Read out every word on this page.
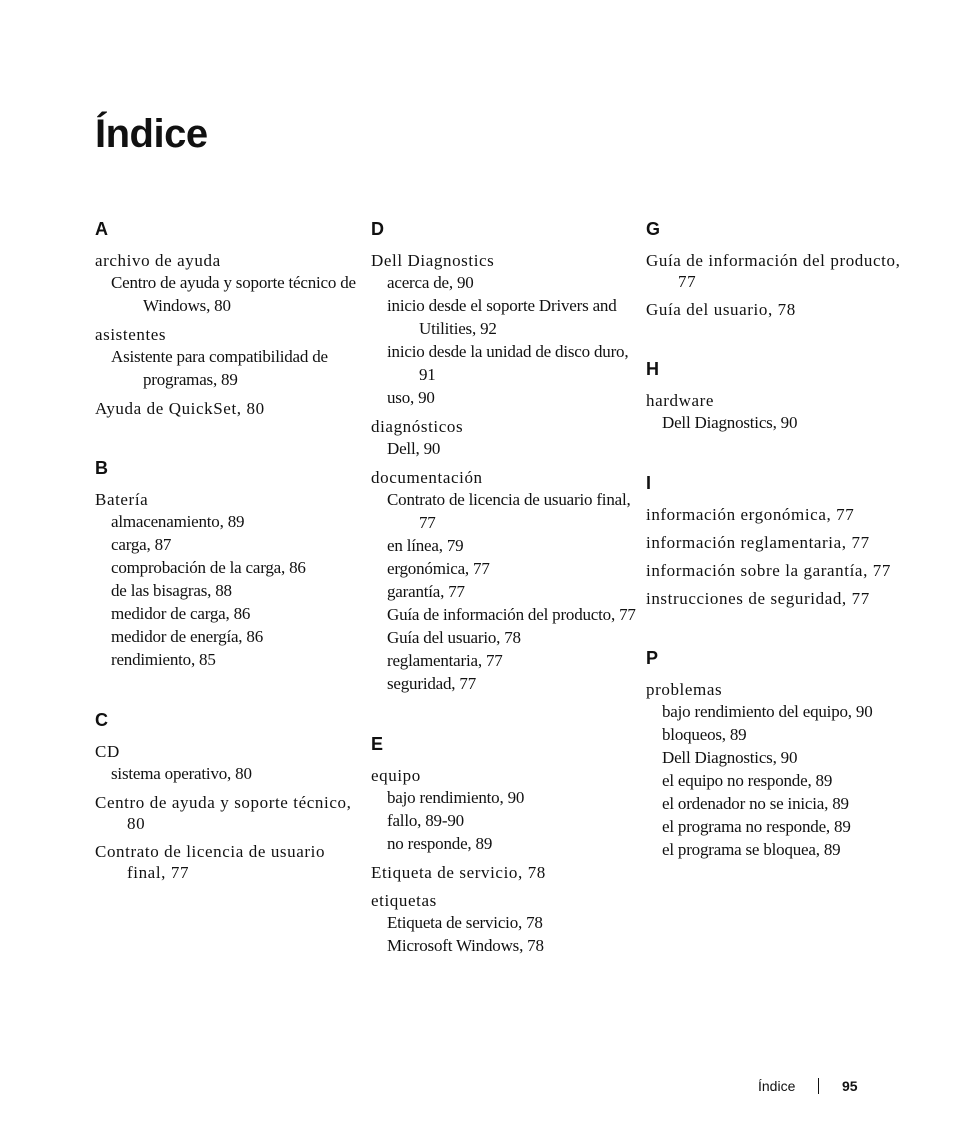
Índice
A
archivo de ayuda
Centro de ayuda y soporte técnico de Windows, 80
asistentes
Asistente para compatibilidad de programas, 89
Ayuda de QuickSet, 80
B
Batería
almacenamiento, 89
carga, 87
comprobación de la carga, 86
de las bisagras, 88
medidor de carga, 86
medidor de energía, 86
rendimiento, 85
C
CD
sistema operativo, 80
Centro de ayuda y soporte técnico, 80
Contrato de licencia de usuario final, 77
D
Dell Diagnostics
acerca de, 90
inicio desde el soporte Drivers and Utilities, 92
inicio desde la unidad de disco duro, 91
uso, 90
diagnósticos
Dell, 90
documentación
Contrato de licencia de usuario final, 77
en línea, 79
ergonómica, 77
garantía, 77
Guía de información del producto, 77
Guía del usuario, 78
reglamentaria, 77
seguridad, 77
E
equipo
bajo rendimiento, 90
fallo, 89-90
no responde, 89
Etiqueta de servicio, 78
etiquetas
Etiqueta de servicio, 78
Microsoft Windows, 78
G
Guía de información del producto, 77
Guía del usuario, 78
H
hardware
Dell Diagnostics, 90
I
información ergonómica, 77
información reglamentaria, 77
información sobre la garantía, 77
instrucciones de seguridad, 77
P
problemas
bajo rendimiento del equipo, 90
bloqueos, 89
Dell Diagnostics, 90
el equipo no responde, 89
el ordenador no se inicia, 89
el programa no responde, 89
el programa se bloquea, 89
Índice	95
